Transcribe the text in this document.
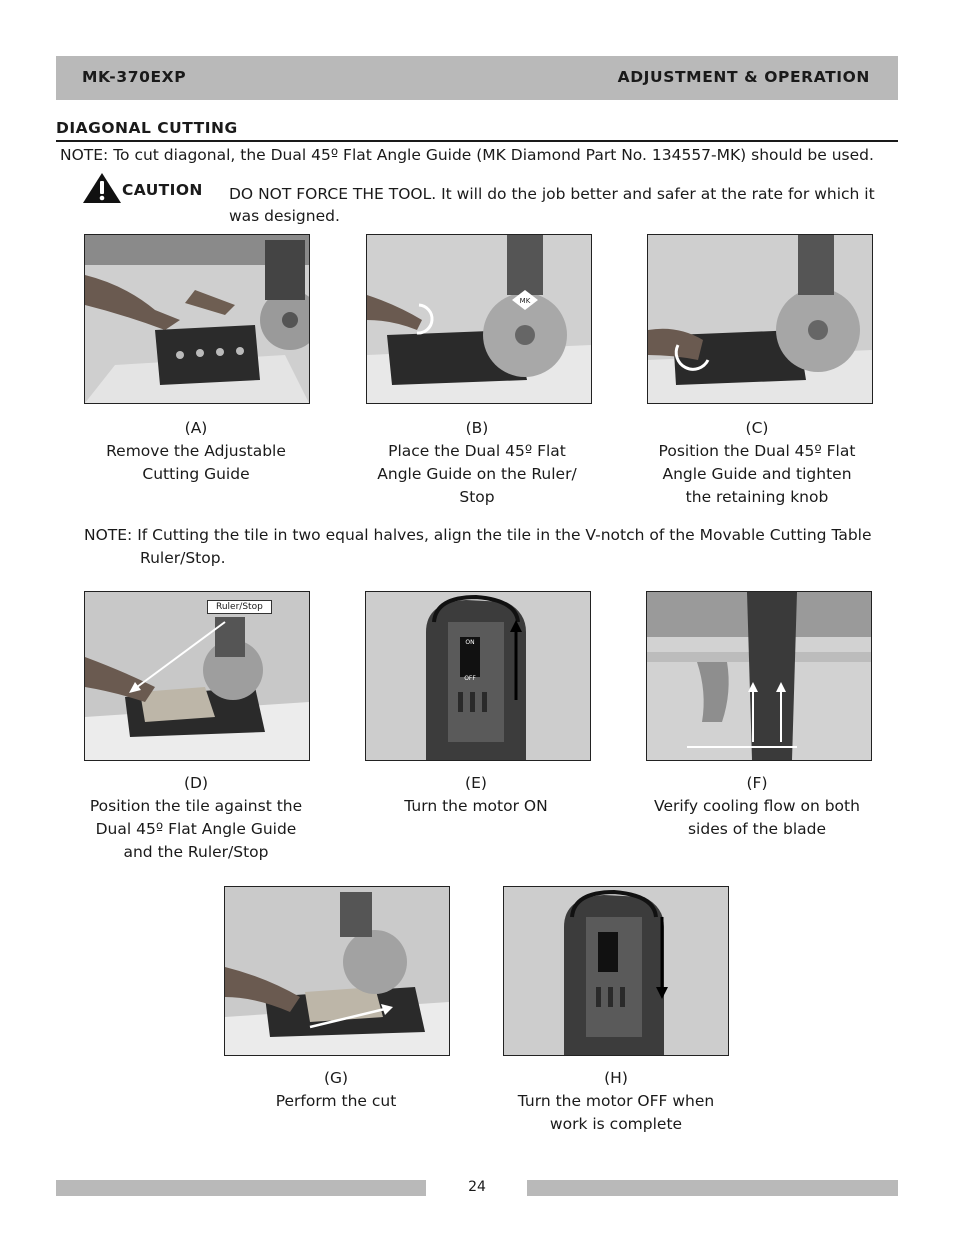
MK-370EXP	ADJUSTMENT & OPERATION
DIAGONAL CUTTING
NOTE: To cut diagonal, the Dual 45º Flat Angle Guide (MK Diamond Part No. 134557-MK) should be used.
CAUTION DO NOT FORCE THE TOOL. It will do the job better and safer at the rate for which it was designed.
MK
(A)
Remove the Adjustable
Cutting Guide
(B)
Place the Dual 45º Flat
Angle Guide on the Ruler/
Stop
(C)
Position the Dual 45º Flat
Angle Guide and tighten
the retaining knob
NOTE: If Cutting the tile in two equal halves, align the tile in the V-notch of the Movable Cutting Table
Ruler/Stop.
Ruler/Stop
ON
OFF
(D)
Position the tile against the
Dual 45º Flat Angle Guide
and the Ruler/Stop
(E)
Turn the motor ON
(F)
Verify cooling flow on both
sides of the blade
(G)
Perform the cut
(H)
Turn the motor OFF when
work is complete
24
